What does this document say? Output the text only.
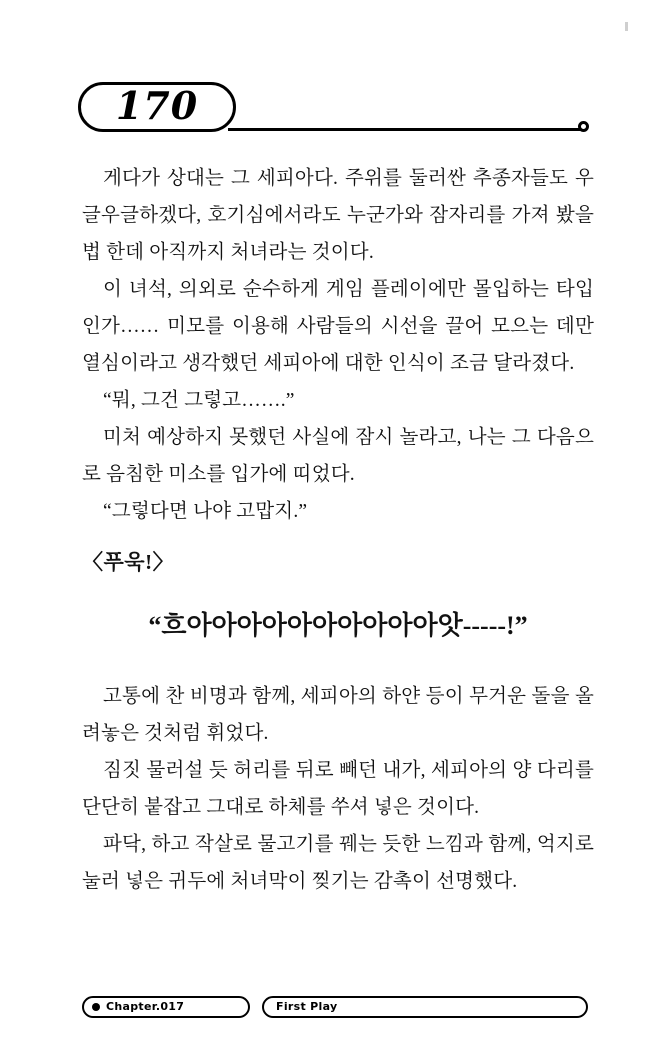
170

게다가 상대는 그 세피아다. 주위를 둘러싼 추종자들도 우글우글하겠다, 호기심에서라도 누군가와 잠자리를 가져 봤을 법 한데 아직까지 처녀라는 것이다.

이 녀석, 의외로 순수하게 게임 플레이에만 몰입하는 타입인가…… 미모를 이용해 사람들의 시선을 끌어 모으는 데만 열심이라고 생각했던 세피아에 대한 인식이 조금 달라졌다.

“뭐, 그건 그렇고…….”

미처 예상하지 못했던 사실에 잠시 놀라고, 나는 그 다음으로 음침한 미소를 입가에 띠었다.

“그렇다면 나야 고맙지.”

〈푸욱!〉

“흐아아아아아아아아아아앗-----!”

고통에 찬 비명과 함께, 세피아의 하얀 등이 무거운 돌을 올려놓은 것처럼 휘었다.

짐짓 물러설 듯 허리를 뒤로 빼던 내가, 세피아의 양 다리를 단단히 붙잡고 그대로 하체를 쑤셔 넣은 것이다.

파닥, 하고 작살로 물고기를 꿰는 듯한 느낌과 함께, 억지로 눌러 넣은 귀두에 처녀막이 찢기는 감촉이 선명했다.

Chapter.017	First Play
